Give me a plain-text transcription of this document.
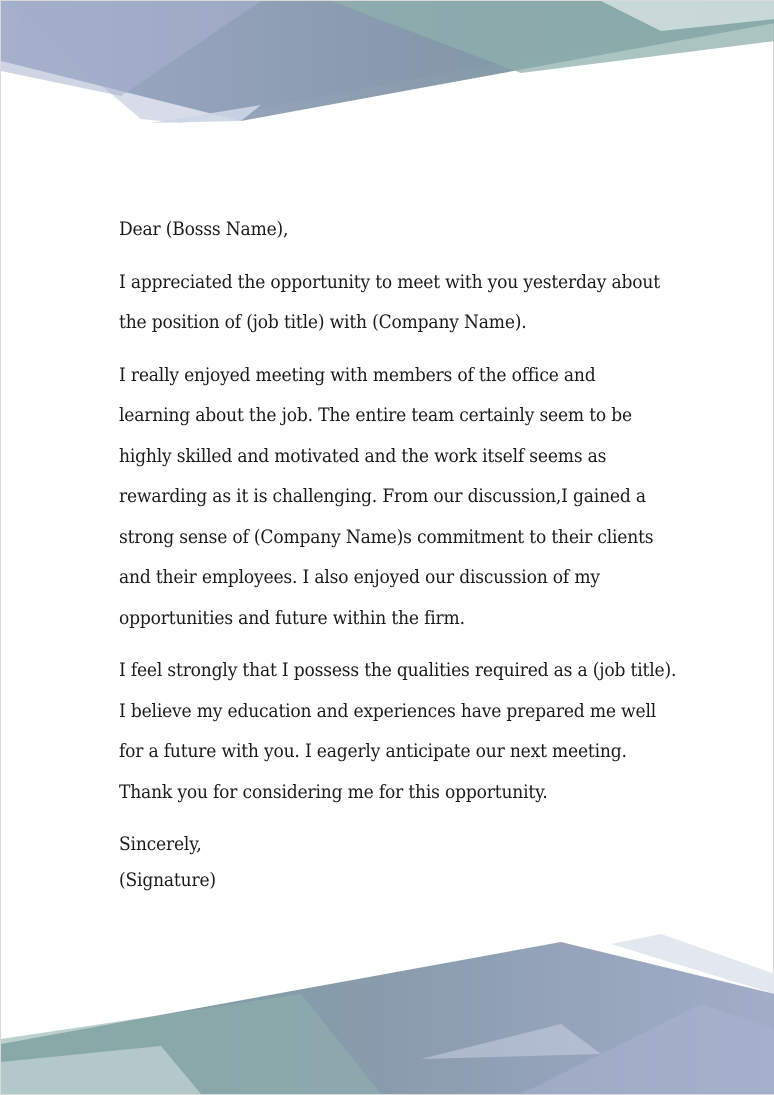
Dear (Bosss Name),

I appreciated the opportunity to meet with you yesterday about
the position of (job title) with (Company Name).

I really enjoyed meeting with members of the office and
learning about the job. The entire team certainly seem to be
highly skilled and motivated and the work itself seems as
rewarding as it is challenging. From our discussion,I gained a
strong sense of (Company Name)s commitment to their clients
and their employees. I also enjoyed our discussion of my
opportunities and future within the firm.

I feel strongly that I possess the qualities required as a (job title).
I believe my education and experiences have prepared me well
for a future with you. I eagerly anticipate our next meeting.
Thank you for considering me for this opportunity.

Sincerely,
(Signature)
